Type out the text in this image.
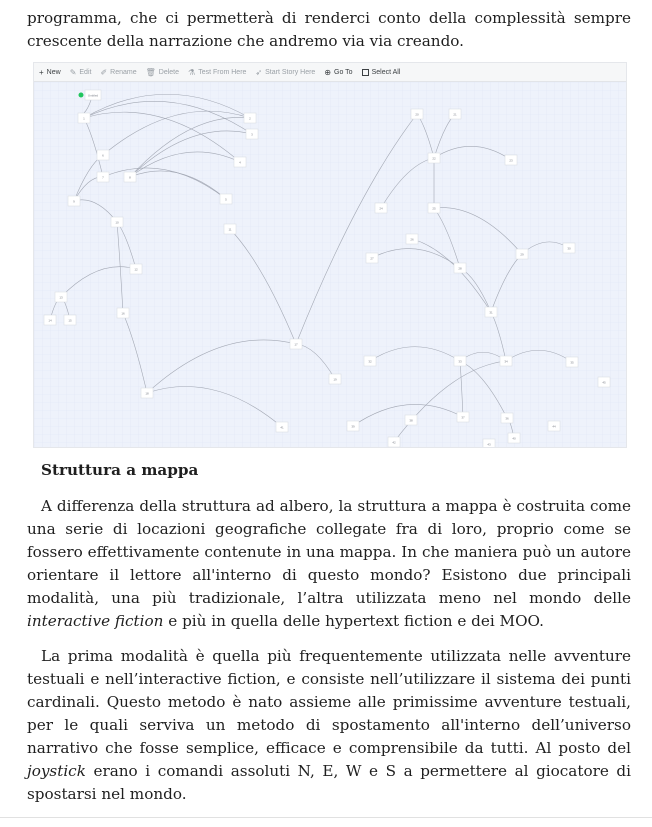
programma, che ci permetterà di renderci conto della complessità sempre crescente della narrazione che andremo via via creando.

+ New ✎ Edit ✐ Rename 🗑 Delete ⚗ Test From Here ➶ Start Story Here ⊕ Go To	Select All
1	2
3
4
5
6
7	8
9
10
11
12
13
14	15
16
17
18
19
20	21
22	23
24	25
26
27
28
29
30
31
32	33	34	35
36
37
38
39
40
41
42	43
44
45
Untitled
Struttura a mappa

A differenza della struttura ad albero, la struttura a mappa è costruita come una serie di locazioni geografiche collegate fra di loro, proprio come se fossero effettivamente contenute in una mappa. In che maniera può un autore orientare il lettore all'interno di questo mondo? Esistono due principali modalità, una più tradizionale, l’altra utilizzata meno nel mondo delle interactive fiction e più in quella delle hypertext fiction e dei MOO.

La prima modalità è quella più frequentemente utilizzata nelle avventure testuali e nell’interactive fiction, e consiste nell’utilizzare il sistema dei punti cardinali. Questo metodo è nato assieme alle primissime avventure testuali, per le quali serviva un metodo di spostamento all'interno dell’universo narrativo che fosse semplice, efficace e comprensibile da tutti. Al posto del joystick erano i comandi assoluti N, E, W e S a permettere al giocatore di spostarsi nel mondo.
